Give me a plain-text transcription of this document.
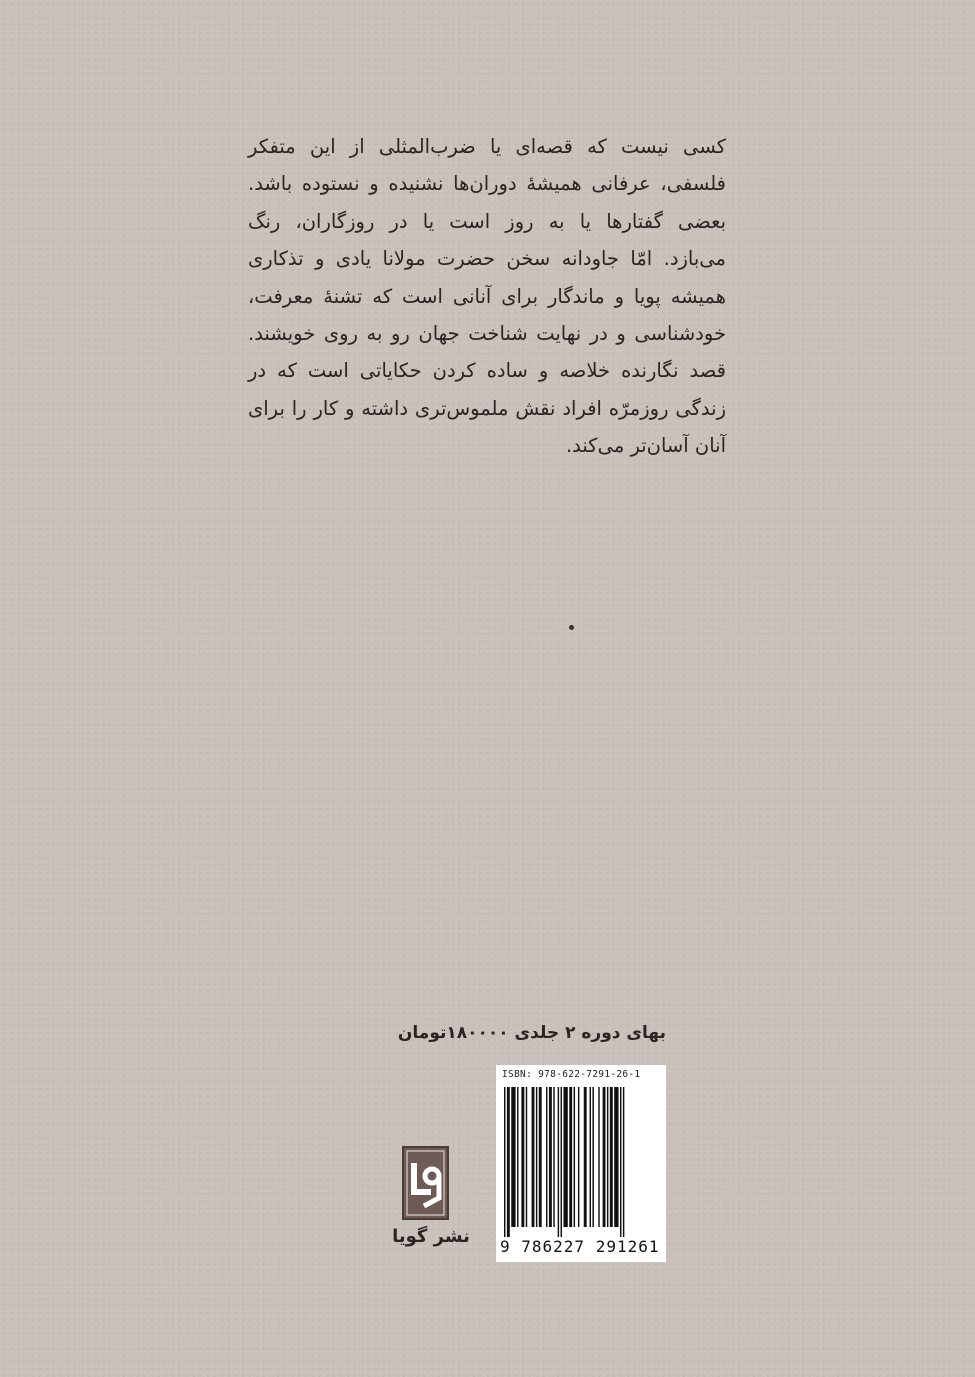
کسی نیست که قصه‌ای یا ضرب‌المثلی از این متفکر
فلسفی، عرفانی همیشهٔ دوران‌ها نشنیده و نستوده باشد.
بعضی گفتارها یا به روز است یا در روزگاران، رنگ
می‌بازد. امّا جاودانه سخن حضرت مولانا یادی و تذکاری
همیشه پویا و ماندگار برای آنانی است که تشنهٔ معرفت،
خودشناسی و در نهایت شناخت جهان رو به روی خویشند.
قصد نگارنده خلاصه و ساده کردن حکایاتی است که در
زندگی روزمرّه افراد نقش ملموس‌تری داشته و کار را برای
آنان آسان‌تر می‌کند.
بهای دوره ۲ جلدی ۱۸۰۰۰۰تومان
ISBN: 978-622-7291-26-1
9 786227 291261
نشر گویا
